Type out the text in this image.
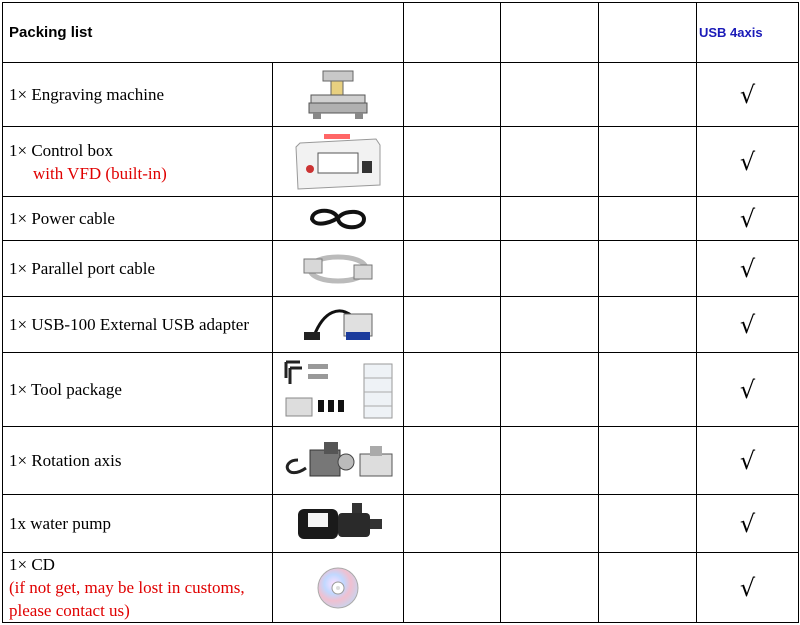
Packing list					USB 4axis
1× Engraving machine					√
1× Control box
with VFD (built-in)					√
1× Power cable					√
1× Parallel port cable					√
1× USB-100 External USB adapter					√
1× Tool package					√
1× Rotation axis					√
1x water pump					√
1× CD
(if not get, may be lost in customs, please contact us)					√
